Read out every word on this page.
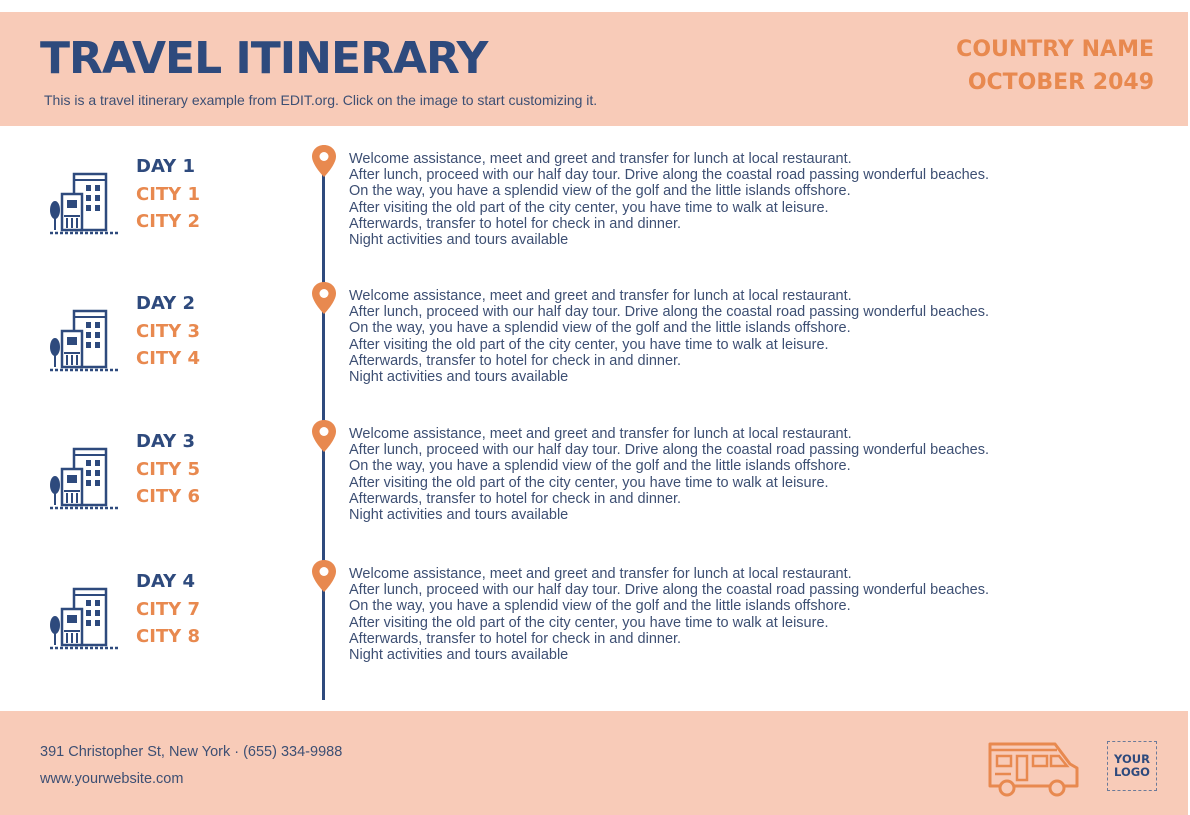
TRAVEL ITINERARY
This is a travel itinerary example from EDIT.org. Click on the image to start customizing it.
COUNTRY NAME
OCTOBER 2049
DAY 1
CITY 1
CITY 2
Welcome assistance, meet and greet and transfer for lunch at local restaurant.
After lunch, proceed with our half day tour. Drive along the coastal road passing wonderful beaches.
On the way, you have a splendid view of the golf and the little islands offshore.
After visiting the old part of the city center, you have time to walk at leisure.
Afterwards, transfer to hotel for check in and dinner.
Night activities and tours available
DAY 2
CITY 3
CITY 4
Welcome assistance, meet and greet and transfer for lunch at local restaurant.
After lunch, proceed with our half day tour. Drive along the coastal road passing wonderful beaches.
On the way, you have a splendid view of the golf and the little islands offshore.
After visiting the old part of the city center, you have time to walk at leisure.
Afterwards, transfer to hotel for check in and dinner.
Night activities and tours available
DAY 3
CITY 5
CITY 6
Welcome assistance, meet and greet and transfer for lunch at local restaurant.
After lunch, proceed with our half day tour. Drive along the coastal road passing wonderful beaches.
On the way, you have a splendid view of the golf and the little islands offshore.
After visiting the old part of the city center, you have time to walk at leisure.
Afterwards, transfer to hotel for check in and dinner.
Night activities and tours available
DAY 4
CITY 7
CITY 8
Welcome assistance, meet and greet and transfer for lunch at local restaurant.
After lunch, proceed with our half day tour. Drive along the coastal road passing wonderful beaches.
On the way, you have a splendid view of the golf and the little islands offshore.
After visiting the old part of the city center, you have time to walk at leisure.
Afterwards, transfer to hotel for check in and dinner.
Night activities and tours available
391 Christopher St, New York · (655) 334-9988
www.yourwebsite.com
YOUR
LOGO
